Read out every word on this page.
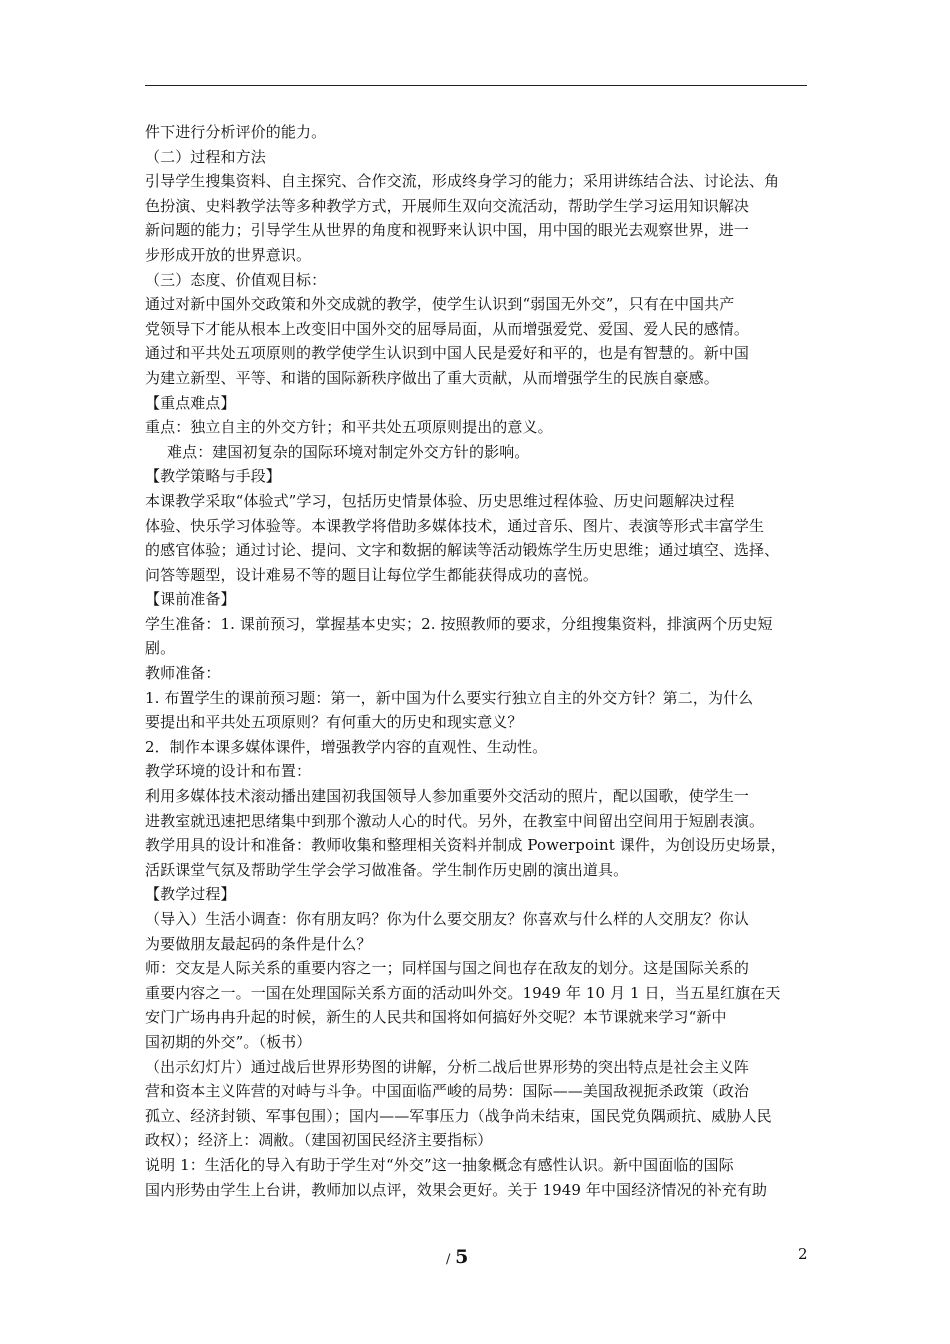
件下进行分析评价的能力。
（二）过程和方法
引导学生搜集资料、自主探究、合作交流，形成终身学习的能力；采用讲练结合法、讨论法、角
色扮演、史料教学法等多种教学方式，开展师生双向交流活动，帮助学生学习运用知识解决
新问题的能力；引导学生从世界的角度和视野来认识中国，用中国的眼光去观察世界，进一
步形成开放的世界意识。
（三）态度、价值观目标：
通过对新中国外交政策和外交成就的教学，使学生认识到“弱国无外交”，只有在中国共产
党领导下才能从根本上改变旧中国外交的屈辱局面，从而增强爱党、爱国、爱人民的感情。
通过和平共处五项原则的教学使学生认识到中国人民是爱好和平的，也是有智慧的。新中国
为建立新型、平等、和谐的国际新秩序做出了重大贡献，从而增强学生的民族自豪感。
【重点难点】
重点：独立自主的外交方针；和平共处五项原则提出的意义。
难点：建国初复杂的国际环境对制定外交方针的影响。
【教学策略与手段】
本课教学采取“体验式”学习，包括历史情景体验、历史思维过程体验、历史问题解决过程
体验、快乐学习体验等。本课教学将借助多媒体技术，通过音乐、图片、表演等形式丰富学生
的感官体验；通过讨论、提问、文字和数据的解读等活动锻炼学生历史思维；通过填空、选择、
问答等题型，设计难易不等的题目让每位学生都能获得成功的喜悦。
【课前准备】
学生准备：1. 课前预习，掌握基本史实；2. 按照教师的要求，分组搜集资料，排演两个历史短
剧。
教师准备：
1. 布置学生的课前预习题：第一，新中国为什么要实行独立自主的外交方针？第二，为什么
要提出和平共处五项原则？有何重大的历史和现实意义？
2．制作本课多媒体课件，增强教学内容的直观性、生动性。
教学环境的设计和布置：
利用多媒体技术滚动播出建国初我国领导人参加重要外交活动的照片，配以国歌，使学生一
进教室就迅速把思绪集中到那个激动人心的时代。另外，在教室中间留出空间用于短剧表演。
教学用具的设计和准备：教师收集和整理相关资料并制成 Powerpoint 课件，为创设历史场景，
活跃课堂气氛及帮助学生学会学习做准备。学生制作历史剧的演出道具。
【教学过程】
（导入）生活小调查：你有朋友吗？你为什么要交朋友？你喜欢与什么样的人交朋友？你认
为要做朋友最起码的条件是什么？
师：交友是人际关系的重要内容之一；同样国与国之间也存在敌友的划分。这是国际关系的
重要内容之一。一国在处理国际关系方面的活动叫外交。1949 年 10 月 1 日，当五星红旗在天
安门广场冉冉升起的时候，新生的人民共和国将如何搞好外交呢？本节课就来学习“新中
国初期的外交”。（板书）
（出示幻灯片）通过战后世界形势图的讲解，分析二战后世界形势的突出特点是社会主义阵
营和资本主义阵营的对峙与斗争。中国面临严峻的局势：国际——美国敌视扼杀政策（政治
孤立、经济封锁、军事包围）；国内——军事压力（战争尚未结束，国民党负隅顽抗、威胁人民
政权）；经济上：凋敝。（建国初国民经济主要指标）
说明 1：生活化的导入有助于学生对“外交”这一抽象概念有感性认识。新中国面临的国际
国内形势由学生上台讲，教师加以点评，效果会更好。关于 1949 年中国经济情况的补充有助
/ 5	2
